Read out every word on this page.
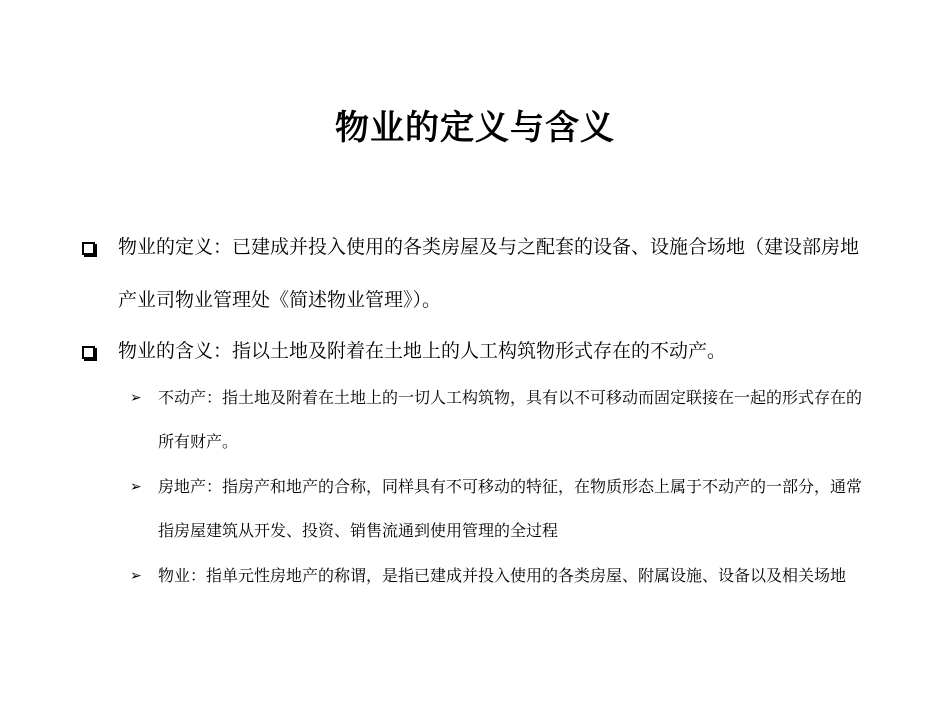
物业的定义与含义
物业的定义：已建成并投入使用的各类房屋及与之配套的设备、设施合场地（建设部房地产业司物业管理处《简述物业管理》）。
物业的含义：指以土地及附着在土地上的人工构筑物形式存在的不动产。
➢ 不动产：指土地及附着在土地上的一切人工构筑物，具有以不可移动而固定联接在一起的形式存在的所有财产。
➢ 房地产：指房产和地产的合称，同样具有不可移动的特征，在物质形态上属于不动产的一部分，通常指房屋建筑从开发、投资、销售流通到使用管理的全过程
➢ 物业：指单元性房地产的称谓，是指已建成并投入使用的各类房屋、附属设施、设备以及相关场地
